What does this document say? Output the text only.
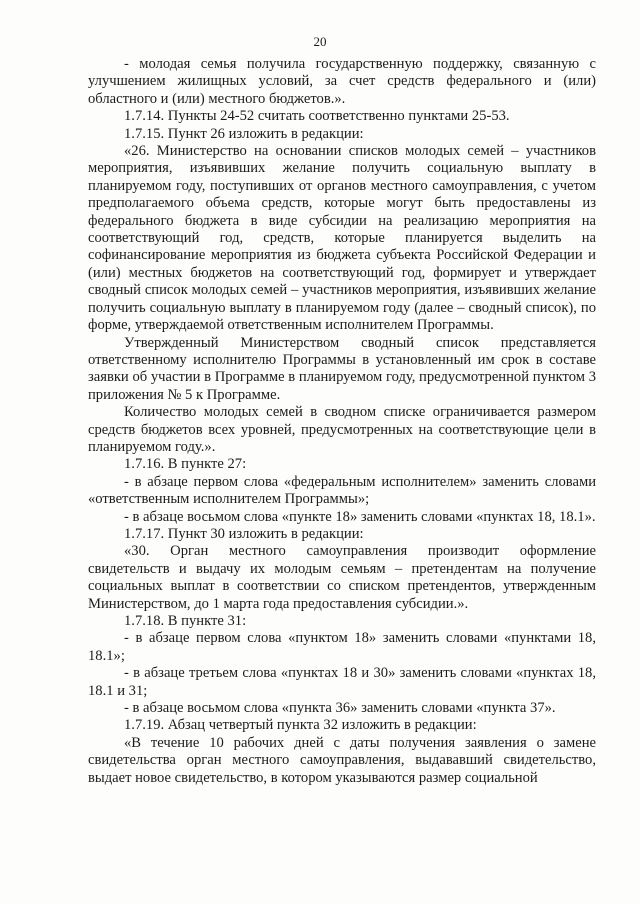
20

- молодая семья получила государственную поддержку, связанную с улучшением жилищных условий, за счет средств федерального и (или) областного и (или) местного бюджетов.».

1.7.14. Пункты 24-52 считать соответственно пунктами 25-53.

1.7.15. Пункт 26 изложить в редакции:

«26. Министерство на основании списков молодых семей – участников мероприятия, изъявивших желание получить социальную выплату в планируемом году, поступивших от органов местного самоуправления, с учетом предполагаемого объема средств, которые могут быть предоставлены из федерального бюджета в виде субсидии на реализацию мероприятия на соответствующий год, средств, которые планируется выделить на софинансирование мероприятия из бюджета субъекта Российской Федерации и (или) местных бюджетов на соответствующий год, формирует и утверждает сводный список молодых семей – участников мероприятия, изъявивших желание получить социальную выплату в планируемом году (далее – сводный список), по форме, утверждаемой ответственным исполнителем Программы.

Утвержденный Министерством сводный список представляется ответственному исполнителю Программы в установленный им срок в составе заявки об участии в Программе в планируемом году, предусмотренной пунктом 3 приложения № 5 к Программе.

Количество молодых семей в сводном списке ограничивается размером средств бюджетов всех уровней, предусмотренных на соответствующие цели в планируемом году.».

1.7.16. В пункте 27:

- в абзаце первом слова «федеральным исполнителем» заменить словами «ответственным исполнителем Программы»;

- в абзаце восьмом слова «пункте 18» заменить словами «пунктах 18, 18.1».

1.7.17. Пункт 30 изложить в редакции:

«30. Орган местного самоуправления производит оформление свидетельств и выдачу их молодым семьям – претендентам на получение социальных выплат в соответствии со списком претендентов, утвержденным Министерством, до 1 марта года предоставления субсидии.».

1.7.18. В пункте 31:

- в абзаце первом слова «пунктом 18» заменить словами «пунктами 18, 18.1»;

- в абзаце третьем слова «пунктах 18 и 30» заменить словами «пунктах 18, 18.1 и 31;

- в абзаце восьмом слова «пункта 36» заменить словами «пункта 37».

1.7.19. Абзац четвертый пункта 32 изложить в редакции:

«В течение 10 рабочих дней с даты получения заявления о замене свидетельства орган местного самоуправления, выдававший свидетельство, выдает новое свидетельство, в котором указываются размер социальной
